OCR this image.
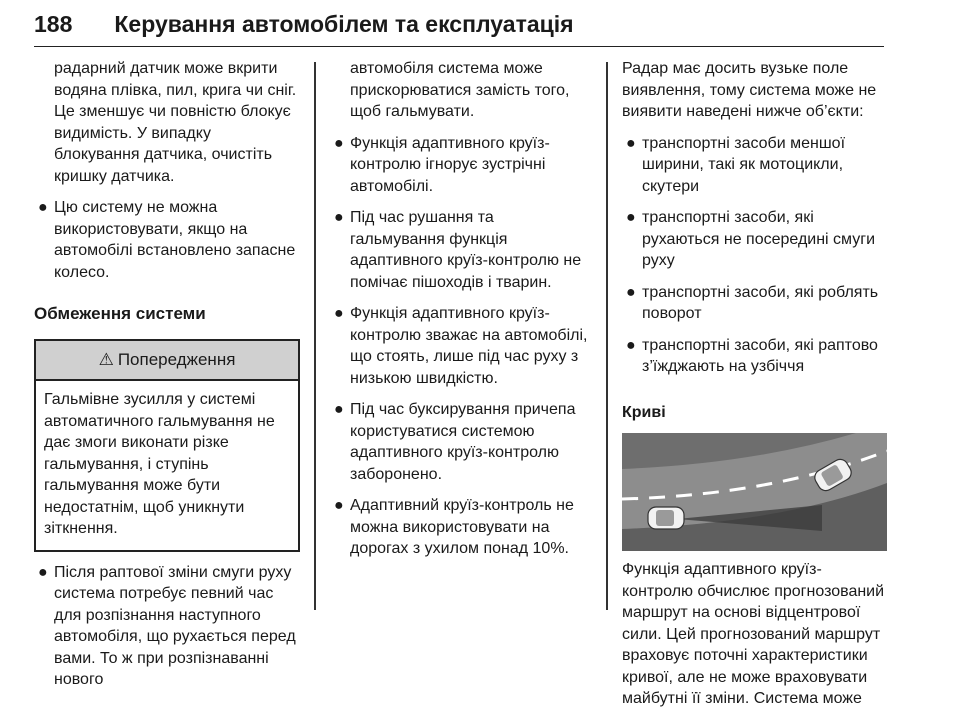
188 Керування автомобілем та експлуатація

радарний датчик може вкрити водяна плівка, пил, крига чи сніг. Це зменшує чи повністю блокує видимість. У випадку блокування датчика, очистіть кришку датчика.

● Цю систему не можна використовувати, якщо на автомобілі встановлено запасне колесо.
Обмеження системи
⚠ Попередження
Гальмівне зусилля у системі автоматичного гальмування не дає змоги виконати різке гальмування, і ступінь гальмування може бути недостатнім, щоб уникнути зіткнення.
● Після раптової зміни смуги руху система потребує певний час для розпізнання наступного автомобіля, що рухається перед вами. То ж при розпізнаванні нового

автомобіля система може прискорюватися замість того, щоб гальмувати.

● Функція адаптивного круїз-контролю ігнорує зустрічні автомобілі.
● Під час рушання та гальмування функція адаптивного круїз-контролю не помічає пішоходів і тварин.
● Функція адаптивного круїз-контролю зважає на автомобілі, що стоять, лише під час руху з низькою швидкістю.
● Під час буксирування причепа користуватися системою адаптивного круїз-контролю заборонено.
● Адаптивний круїз-контроль не можна використовувати на дорогах з ухилом понад 10%.

Радар має досить вузьке поле виявлення, тому система може не виявити наведені нижче об’єкти:

● транспортні засоби меншої ширини, такі як мотоцикли, скутери
● транспортні засоби, які рухаються не посередині смуги руху
● транспортні засоби, які роблять поворот
● транспортні засоби, які раптово з’їжджають на узбіччя
Криві

Функція адаптивного круїз-контролю обчислює прогнозований маршрут на основі відцентрової сили. Цей прогнозований маршрут враховує поточні характеристики кривої, але не може враховувати майбутні її зміни. Система може
